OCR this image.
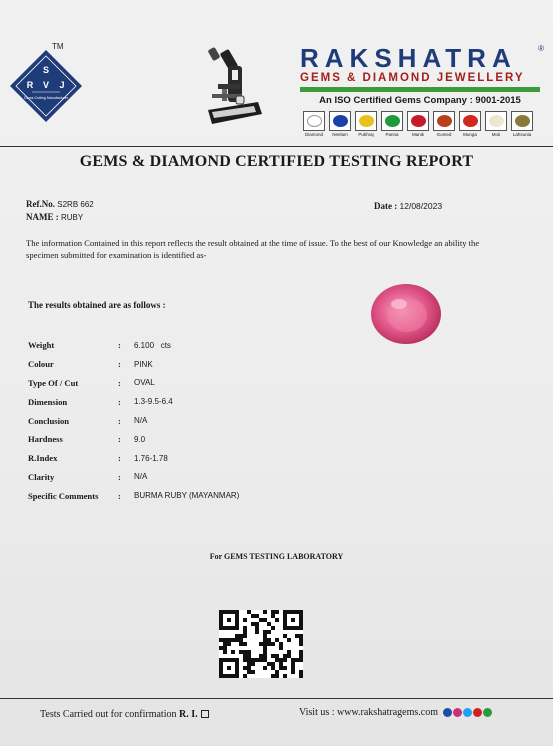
S
R V J
Gems Cutting Manufacturer
TM	RAKSHATRA	®
GEMS & DIAMOND JEWELLERY
An ISO Certified Gems Company : 9001-2015
Diamond Neelam Pukhraj	Panna	Manik	Gomed	Munga	Moti	Lahsunia
GEMS & DIAMOND CERTIFIED TESTING REPORT
Ref.No. S2RB 662
NAME : RUBY
Date : 12/08/2023
The information Contained in this report reflects the result obtained at the time of issue. To the best of our Knowledge an ability the specimen submitted for examination is identified as-
The results obtained are as follows :
Weight	:	6.100   cts
Colour	:	PINK
Type Of / Cut	:	OVAL
Dimension	:	1.3-9.5-6.4
Conclusion	:	N/A
Hardness	:	9.0
R.Index	:	1.76-1.78
Clarity	:	N/A
Specific Comments	:	BURMA RUBY (MAYANMAR)
For GEMS TESTING LABORATORY
Tests Carried out for confirmation R. I.	Visit us : www.rakshatragems.com
